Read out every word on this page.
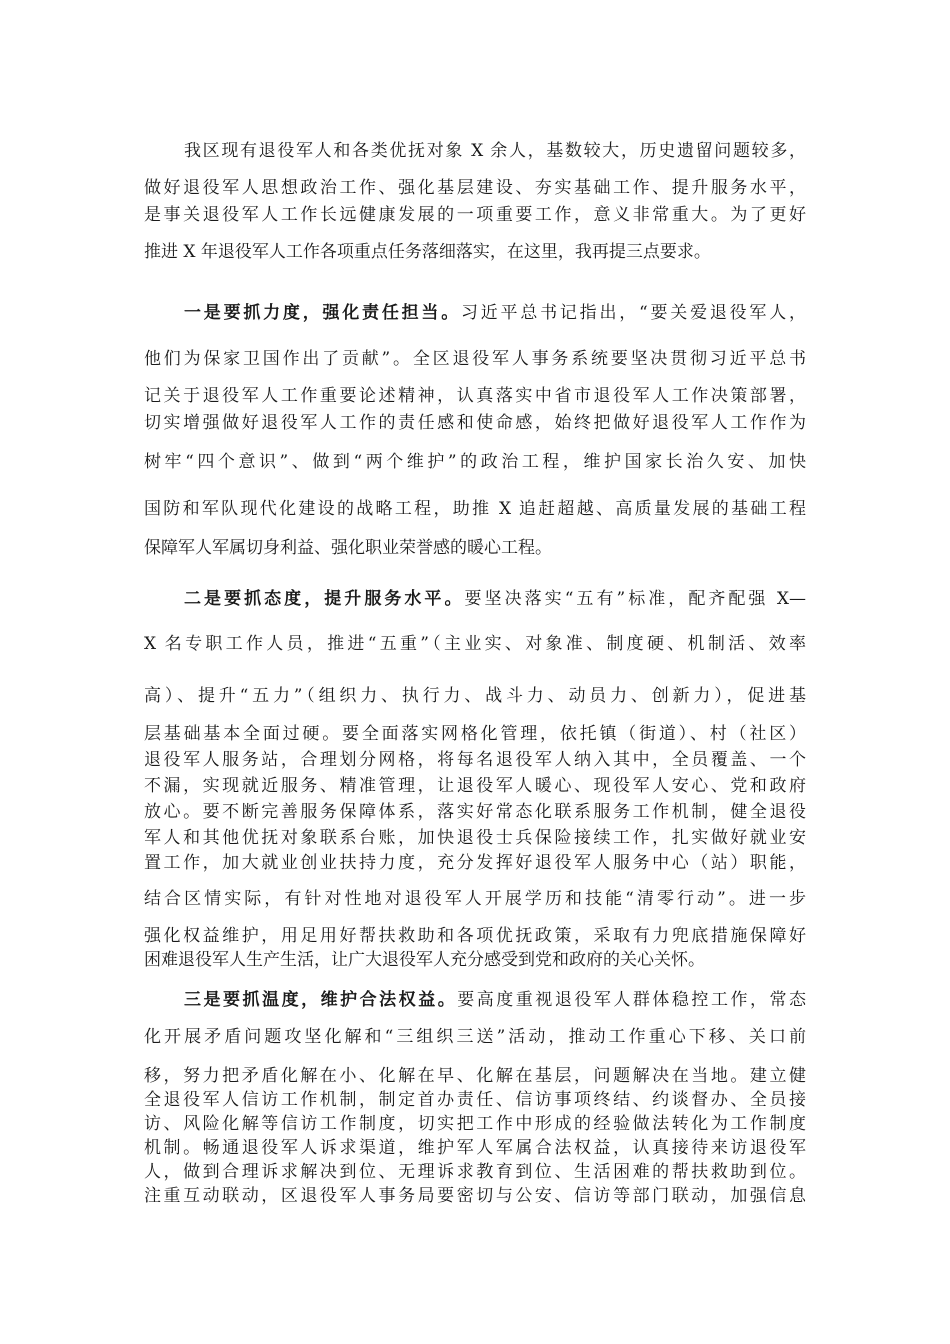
我区现有退役军人和各类优抚对象 X 余人，基数较大，历史遗留问题较多，
做好退役军人思想政治工作、强化基层建设、夯实基础工作、提升服务水平，
是事关退役军人工作长远健康发展的一项重要工作，意义非常重大。为了更好
推进 X 年退役军人工作各项重点任务落细落实，在这里，我再提三点要求。
一是要抓力度，强化责任担当。习近平总书记指出，“要关爱退役军人，
他们为保家卫国作出了贡献”。全区退役军人事务系统要坚决贯彻习近平总书
记关于退役军人工作重要论述精神，认真落实中省市退役军人工作决策部署，
切实增强做好退役军人工作的责任感和使命感，始终把做好退役军人工作作为
树牢“四个意识”、做到“两个维护”的政治工程，维护国家长治久安、加快
国防和军队现代化建设的战略工程，助推 X 追赶超越、高质量发展的基础工程
保障军人军属切身利益、强化职业荣誉感的暖心工程。
二是要抓态度，提升服务水平。要坚决落实“五有”标准，配齐配强 X—
X 名专职工作人员，推进“五重”（主业实、对象准、制度硬、机制活、效率
高）、提升“五力”（组织力、执行力、战斗力、动员力、创新力），促进基
层基础基本全面过硬。要全面落实网格化管理，依托镇（街道）、村（社区）
退役军人服务站，合理划分网格，将每名退役军人纳入其中，全员覆盖、一个
不漏，实现就近服务、精准管理，让退役军人暖心、现役军人安心、党和政府
放心。要不断完善服务保障体系，落实好常态化联系服务工作机制，健全退役
军人和其他优抚对象联系台账，加快退役士兵保险接续工作，扎实做好就业安
置工作，加大就业创业扶持力度，充分发挥好退役军人服务中心（站）职能，
结合区情实际，有针对性地对退役军人开展学历和技能“清零行动”。进一步
强化权益维护，用足用好帮扶救助和各项优抚政策，采取有力兜底措施保障好
困难退役军人生产生活，让广大退役军人充分感受到党和政府的关心关怀。
三是要抓温度，维护合法权益。要高度重视退役军人群体稳控工作，常态
化开展矛盾问题攻坚化解和“三组织三送”活动，推动工作重心下移、关口前
移，努力把矛盾化解在小、化解在早、化解在基层，问题解决在当地。建立健
全退役军人信访工作机制，制定首办责任、信访事项终结、约谈督办、全员接
访、风险化解等信访工作制度，切实把工作中形成的经验做法转化为工作制度
机制。畅通退役军人诉求渠道，维护军人军属合法权益，认真接待来访退役军
人，做到合理诉求解决到位、无理诉求教育到位、生活困难的帮扶救助到位。
注重互动联动，区退役军人事务局要密切与公安、信访等部门联动，加强信息
